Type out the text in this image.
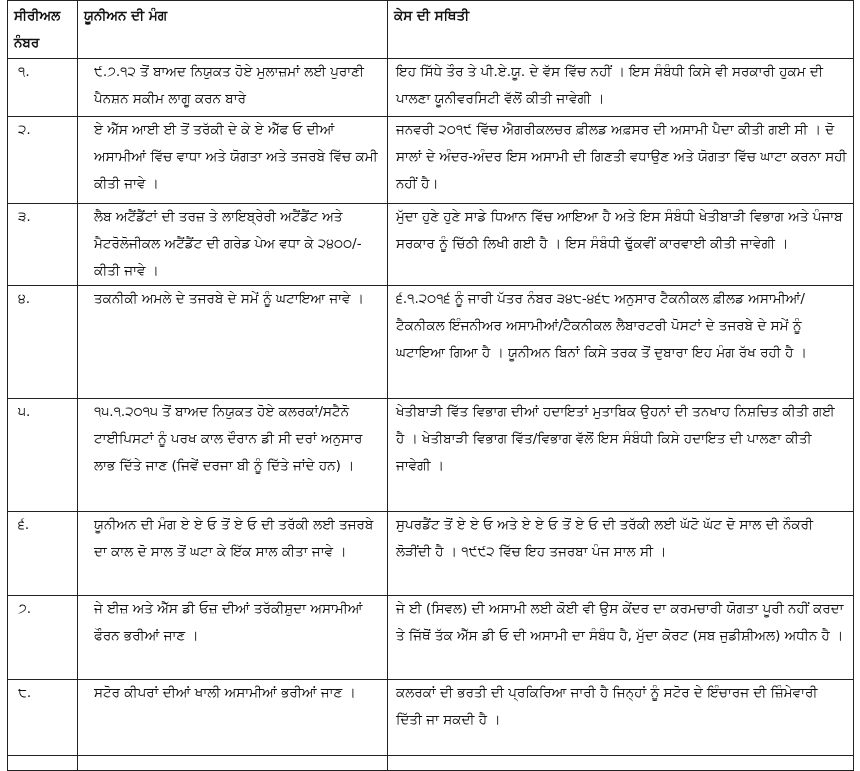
ਸੀਰੀਅਲ ਨੰਬਰ	ਯੂਨੀਅਨ ਦੀ ਮੰਗ	ਕੇਸ ਦੀ ਸਥਿਤੀ
੧.	੯.੭.੧੨ ਤੋਂ ਬਾਅਦ ਨਿਯੁਕਤ ਹੋਏ ਮੁਲਾਜ਼ਮਾਂ ਲਈ ਪੁਰਾਣੀ ਪੈਨਸ਼ਨ ਸਕੀਮ ਲਾਗੂ ਕਰਨ ਬਾਰੇ	ਇਹ ਸਿੱਧੇ ਤੌਰ ਤੇ ਪੀ.ਏ.ਯੂ. ਦੇ ਵੱਸ ਵਿੱਚ ਨਹੀਂ । ਇਸ ਸੰਬੰਧੀ ਕਿਸੇ ਵੀ ਸਰਕਾਰੀ ਹੁਕਮ ਦੀ ਪਾਲਣਾ ਯੂਨੀਵਰਸਿਟੀ ਵੱਲੋਂ ਕੀਤੀ ਜਾਵੇਗੀ ।
੨.	ਏ ਐੱਸ ਆਈ ਈ ਤੋਂ ਤਰੱਕੀ ਦੇ ਕੇ ਏ ਐੱਫ ਓ ਦੀਆਂ ਅਸਾਮੀਆਂ ਵਿੱਚ ਵਾਧਾ ਅਤੇ ਯੋਗਤਾ ਅਤੇ ਤਜਰਬੇ ਵਿੱਚ ਕਮੀ ਕੀਤੀ ਜਾਵੇ ।	ਜਨਵਰੀ ੨੦੧੯ ਵਿੱਚ ਐਗਰੀਕਲਚਰ ਫ਼ੀਲਡ ਅਫ਼ਸਰ ਦੀ ਅਸਾਮੀ ਪੈਦਾ ਕੀਤੀ ਗਈ ਸੀ । ਦੋ ਸਾਲਾਂ ਦੇ ਅੰਦਰ-ਅੰਦਰ ਇਸ ਅਸਾਮੀ ਦੀ ਗਿਣਤੀ ਵਧਾਉਣ ਅਤੇ ਯੋਗਤਾ ਵਿੱਚ ਘਾਟਾ ਕਰਨਾ ਸਹੀ ਨਹੀਂ ਹੈ।
੩.	ਲੈਬ ਅਟੈਂਡੈਂਟਾਂ ਦੀ ਤਰਜ਼ ਤੇ ਲਾਇਬ੍ਰੇਰੀ ਅਟੈਂਡੈਂਟ ਅਤੇ ਮੈਟਰੋਲੋਜੀਕਲ ਅਟੈਂਡੈਂਟ ਦੀ ਗਰੇਡ ਪੇਅ ਵਧਾ ਕੇ ੨੪੦੦/- ਕੀਤੀ ਜਾਵੇ ।	ਮੁੱਦਾ ਹੁਣੇ ਹੁਣੇ ਸਾਡੇ ਧਿਆਨ ਵਿੱਚ ਆਇਆ ਹੈ ਅਤੇ ਇਸ ਸੰਬੰਧੀ ਖੇਤੀਬਾੜੀ ਵਿਭਾਗ ਅਤੇ ਪੰਜਾਬ ਸਰਕਾਰ ਨੂੰ ਚਿੱਠੀ ਲਿਖੀ ਗਈ ਹੈ । ਇਸ ਸੰਬੰਧੀ ਢੁੱਕਵੀਂ ਕਾਰਵਾਈ ਕੀਤੀ ਜਾਵੇਗੀ ।
੪.	ਤਕਨੀਕੀ ਅਮਲੇ ਦੇ ਤਜਰਬੇ ਦੇ ਸਮੇਂ ਨੂੰ ਘਟਾਇਆ ਜਾਵੇ ।	੬.੧.੨੦੧੬ ਨੂੰ ਜਾਰੀ ਪੱਤਰ ਨੰਬਰ ੩੪੮-੪੬੮ ਅਨੁਸਾਰ ਟੈਕਨੀਕਲ ਫ਼ੀਲਡ ਅਸਾਮੀਆਂ/ਟੈਕਨੀਕਲ ਇੰਜਨੀਅਰ ਅਸਾਮੀਆਂ/ਟੈਕਨੀਕਲ ਲੈਬਾਰਟਰੀ ਪੋਸਟਾਂ ਦੇ ਤਜਰਬੇ ਦੇ ਸਮੇਂ ਨੂੰ ਘਟਾਇਆ ਗਿਆ ਹੈ । ਯੂਨੀਅਨ ਬਿਨਾਂ ਕਿਸੇ ਤਰਕ ਤੋਂ ਦੁਬਾਰਾ ਇਹ ਮੰਗ ਰੱਖ ਰਹੀ ਹੈ ।
੫.	੧੫.੧.੨੦੧੫ ਤੋਂ ਬਾਅਦ ਨਿਯੁਕਤ ਹੋਏ ਕਲਰਕਾਂ/ਸਟੈਨੋ ਟਾਈਪਿਸਟਾਂ ਨੂੰ ਪਰਖ ਕਾਲ ਦੌਰਾਨ ਡੀ ਸੀ ਦਰਾਂ ਅਨੁਸਾਰ ਲਾਭ ਦਿੱਤੇ ਜਾਣ (ਜਿਵੇਂ ਦਰਜਾ ਬੀ ਨੂੰ ਦਿੱਤੇ ਜਾਂਦੇ ਹਨ) ।	ਖੇਤੀਬਾੜੀ ਵਿੱਤ ਵਿਭਾਗ ਦੀਆਂ ਹਦਾਇਤਾਂ ਮੁਤਾਬਿਕ ਉਹਨਾਂ ਦੀ ਤਨਖਾਹ ਨਿਸ਼ਚਿਤ ਕੀਤੀ ਗਈ ਹੈ । ਖੇਤੀਬਾੜੀ ਵਿਭਾਗ ਵਿੱਤ/ਵਿਭਾਗ ਵੱਲੋਂ ਇਸ ਸੰਬੰਧੀ ਕਿਸੇ ਹਦਾਇਤ ਦੀ ਪਾਲਣਾ ਕੀਤੀ ਜਾਵੇਗੀ ।
੬.	ਯੂਨੀਅਨ ਦੀ ਮੰਗ ਏ ਏ ਓ ਤੋਂ ਏ ਓ ਦੀ ਤਰੱਕੀ ਲਈ ਤਜਰਬੇ ਦਾ ਕਾਲ ਦੋ ਸਾਲ ਤੋਂ ਘਟਾ ਕੇ ਇੱਕ ਸਾਲ ਕੀਤਾ ਜਾਵੇ ।	ਸੁਪਰਡੈਂਟ ਤੋਂ ਏ ਏ ਓ ਅਤੇ ਏ ਏ ਓ ਤੋਂ ਏ ਓ ਦੀ ਤਰੱਕੀ ਲਈ ਘੱਟੋ ਘੱਟ ਦੋ ਸਾਲ ਦੀ ਨੌਕਰੀ ਲੋੜੀਂਦੀ ਹੈ । ੧੯੯੨ ਵਿੱਚ ਇਹ ਤਜਰਬਾ ਪੰਜ ਸਾਲ ਸੀ ।
੭.	ਜੇ ਈਜ਼ ਅਤੇ ਐੱਸ ਡੀ ਓਜ਼ ਦੀਆਂ ਤਰੱਕੀਸ਼ੁਦਾ ਅਸਾਮੀਆਂ ਫੌਰਨ ਭਰੀਆਂ ਜਾਣ ।	ਜੇ ਈ (ਸਿਵਲ) ਦੀ ਅਸਾਮੀ ਲਈ ਕੋਈ ਵੀ ਉਸ ਕੇਂਦਰ ਦਾ ਕਰਮਚਾਰੀ ਯੋਗਤਾ ਪੂਰੀ ਨਹੀਂ ਕਰਦਾ ਤੇ ਜਿੱਥੋਂ ਤੱਕ ਐੱਸ ਡੀ ਓ ਦੀ ਅਸਾਮੀ ਦਾ ਸੰਬੰਧ ਹੈ, ਮੁੱਦਾ ਕੋਰਟ (ਸਬ ਜੁਡੀਸ਼ੀਅਲ) ਅਧੀਨ ਹੈ ।
੮.	ਸਟੋਰ ਕੀਪਰਾਂ ਦੀਆਂ ਖਾਲੀ ਅਸਾਮੀਆਂ ਭਰੀਆਂ ਜਾਣ ।	ਕਲਰਕਾਂ ਦੀ ਭਰਤੀ ਦੀ ਪ੍ਰਕਿਰਿਆ ਜਾਰੀ ਹੈ ਜਿਨ੍ਹਾਂ ਨੂੰ ਸਟੋਰ ਦੇ ਇੰਚਾਰਜ ਦੀ ਜ਼ਿੰਮੇਵਾਰੀ ਦਿੱਤੀ ਜਾ ਸਕਦੀ ਹੈ ।
